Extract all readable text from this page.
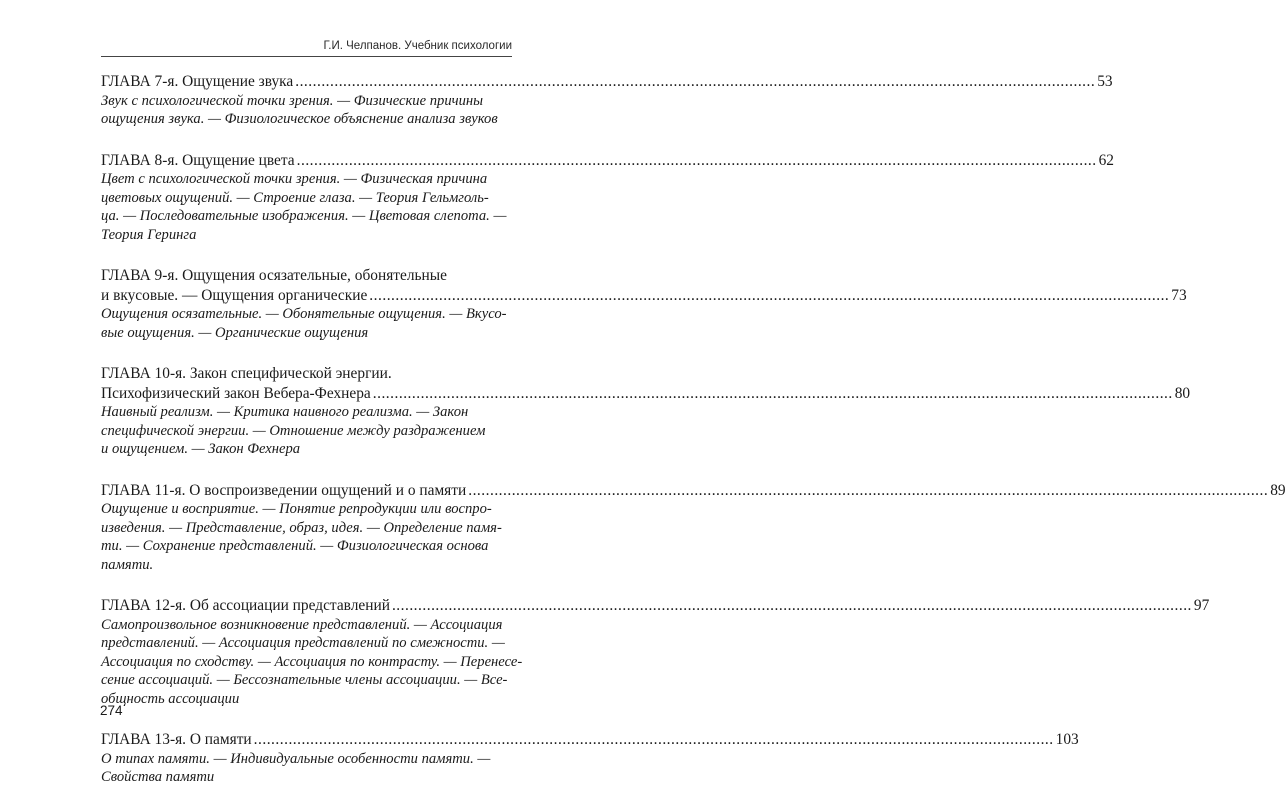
Г.И. Челпанов. Учебник психологии
ГЛАВА 7-я. Ощущение звука ........................................................................................................................................................................................ 53
Звук с психологической точки зрения. — Физические причины
ощущения звука. — Физиологическое объяснение анализа звуков
ГЛАВА 8-я. Ощущение цвета ........................................................................................................................................................................................ 62
Цвет с психологической точки зрения. — Физическая причина
цветовых ощущений. — Строение глаза. — Теория Гельмголь-
ца. — Последовательные изображения. — Цветовая слепота. —
Теория Геринга
ГЛАВА 9-я. Ощущения осязательные, обонятельные
и вкусовые. — Ощущения органические ........................................................................................................................................................................................ 73
Ощущения осязательные. — Обонятельные ощущения. — Вкусо-
вые ощущения. — Органические ощущения
ГЛАВА 10-я. Закон специфической энергии.
Психофизический закон Вебера-Фехнера ........................................................................................................................................................................................ 80
Наивный реализм. — Критика наивного реализма. — Закон
специфической энергии. — Отношение между раздражением
и ощущением. — Закон Фехнера
ГЛАВА 11-я. О воспроизведении ощущений и о памяти ........................................................................................................................................................................................ 89
Ощущение и восприятие. — Понятие репродукции или воспро-
изведения. — Представление, образ, идея. — Определение памя-
ти. — Сохранение представлений. — Физиологическая основа
памяти.
ГЛАВА 12-я. Об ассоциации представлений ........................................................................................................................................................................................ 97
Самопроизвольное возникновение представлений. — Ассоциация
представлений. — Ассоциация представлений по смежности. —
Ассоциация по сходству. — Ассоциация по контрасту. — Перенесе-
сение ассоциаций. — Бессознательные члены ассоциации. — Все-
общность ассоциации
ГЛАВА 13-я. О памяти ........................................................................................................................................................................................ 103
О типах памяти. — Индивидуальные особенности памяти. —
Свойства памяти
274
